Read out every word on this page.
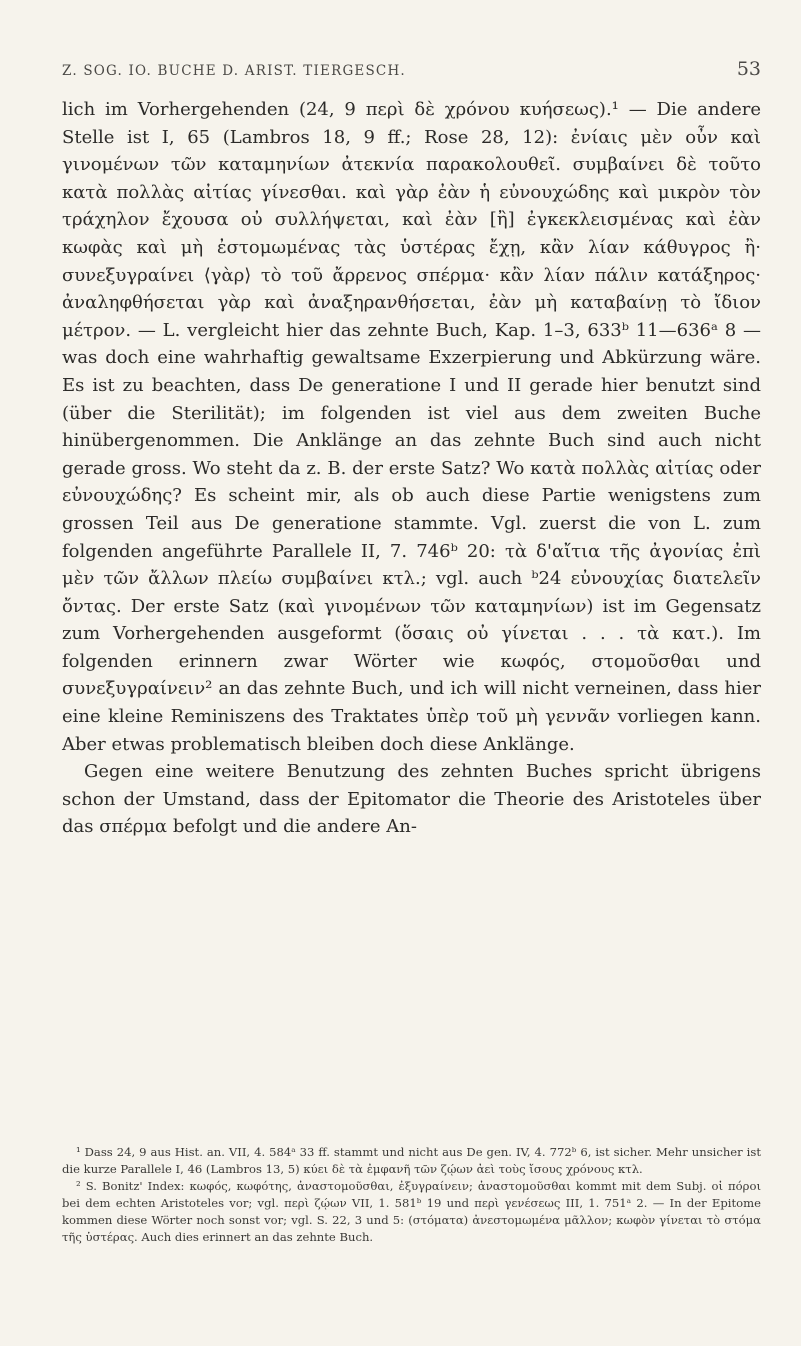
Z. SOG. IO. BUCHE D. ARIST. TIERGESCH.	53

lich im Vorhergehenden (24, 9 περὶ δὲ χρόνου κυήσεως).¹ — Die andere Stelle ist I, 65 (Lambros 18, 9 ff.; Rose 28, 12): ἐνίαις μὲν οὖν καὶ γινομένων τῶν καταμηνίων ἀτεκνία παρακολουθεῖ. συμβαίνει δὲ τοῦτο κατὰ πολλὰς αἰτίας γίνεσθαι. καὶ γὰρ ἐὰν ἡ εὐνουχώδης καὶ μικρὸν τὸν τράχηλον ἔχουσα οὐ συλλήψεται, καὶ ἐὰν [ἢ] ἐγκεκλεισμένας καὶ ἐὰν κωφὰς καὶ μὴ ἐστομωμένας τὰς ὑστέρας ἔχῃ, κἂν λίαν κάθυγρος ἢ· συνεξυγραίνει ⟨γὰρ⟩ τὸ τοῦ ἄρρενος σπέρμα· κἂν λίαν πάλιν κατάξηρος· ἀναληφθήσεται γὰρ καὶ ἀναξηρανθήσεται, ἐὰν μὴ καταβαίνῃ τὸ ἴδιον μέτρον. — L. vergleicht hier das zehnte Buch, Kap. 1–3, 633ᵇ 11—636ᵃ 8 — was doch eine wahrhaftig gewaltsame Exzerpierung und Abkürzung wäre. Es ist zu beachten, dass De generatione I und II gerade hier benutzt sind (über die Sterilität); im folgenden ist viel aus dem zweiten Buche hinübergenommen. Die Anklänge an das zehnte Buch sind auch nicht gerade gross. Wo steht da z. B. der erste Satz? Wo κατὰ πολλὰς αἰτίας oder εὐνουχώδης? Es scheint mir, als ob auch diese Partie wenigstens zum grossen Teil aus De generatione stammte. Vgl. zuerst die von L. zum folgenden angeführte Parallele II, 7. 746ᵇ 20: τὰ δ'αἴτια τῆς ἀγονίας ἐπὶ μὲν τῶν ἄλλων πλείω συμβαίνει κτλ.; vgl. auch ᵇ24 εὐνουχίας διατελεῖν ὄντας. Der erste Satz (καὶ γινομένων τῶν καταμηνίων) ist im Gegensatz zum Vorhergehenden ausgeformt (ὅσαις οὐ γίνεται . . . τὰ κατ.). Im folgenden erinnern zwar Wörter wie κωφός, στομοῦσθαι und συνεξυγραίνειν² an das zehnte Buch, und ich will nicht verneinen, dass hier eine kleine Reminiszens des Traktates ὑπὲρ τοῦ μὴ γεννᾶν vorliegen kann. Aber etwas problematisch bleiben doch diese Anklänge.

Gegen eine weitere Benutzung des zehnten Buches spricht übrigens schon der Umstand, dass der Epitomator die Theorie des Aristoteles über das σπέρμα befolgt und die andere An-

¹ Dass 24, 9 aus Hist. an. VII, 4. 584ᵃ 33 ff. stammt und nicht aus De gen. IV, 4. 772ᵇ 6, ist sicher. Mehr unsicher ist die kurze Parallele I, 46 (Lambros 13, 5) κύει δὲ τὰ ἐμφανῆ τῶν ζῴων ἀεὶ τοὺς ἴσους χρόνους κτλ.

² S. Bonitz' Index: κωφός, κωφότης, ἀναστομοῦσθαι, ἐξυγραίνειν; ἀναστομοῦσθαι kommt mit dem Subj. οἱ πόροι bei dem echten Aristoteles vor; vgl. περὶ ζῴων VII, 1. 581ᵇ 19 und περὶ γενέσεως III, 1. 751ᵃ 2. — In der Epitome kommen diese Wörter noch sonst vor; vgl. S. 22, 3 und 5: (στόματα) ἀνεστομωμένα μᾶλλον; κωφὸν γίνεται τὸ στόμα τῆς ὑστέρας. Auch dies erinnert an das zehnte Buch.
